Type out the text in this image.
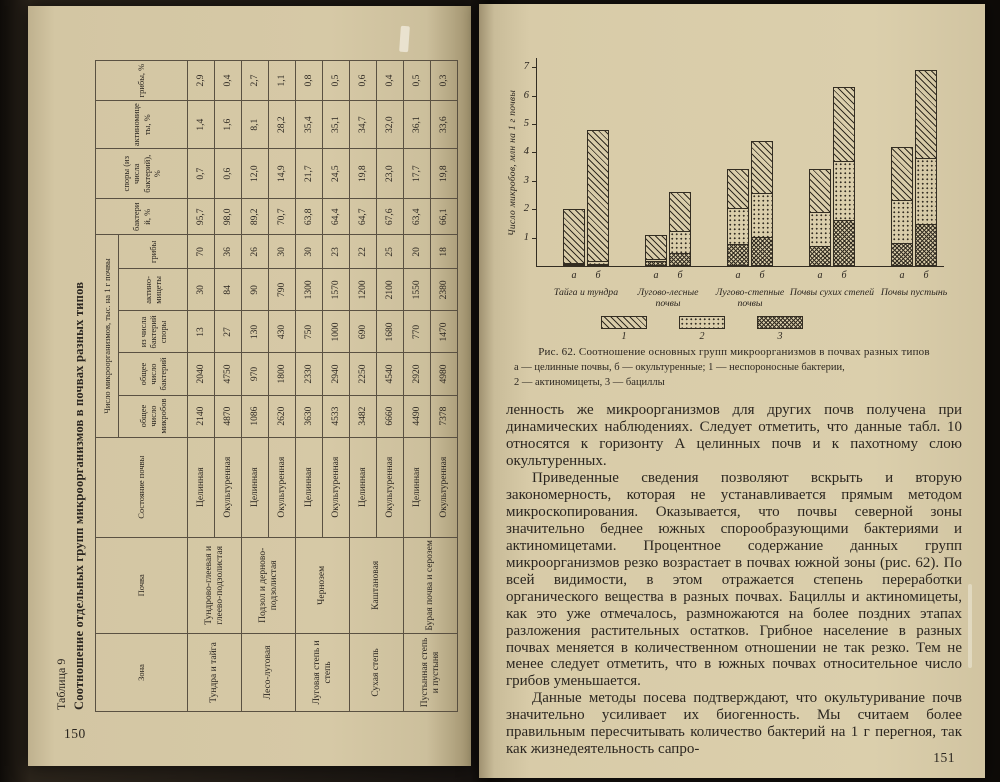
Таблица 9 Соотношение отдельных групп микроорганизмов в почвах разных типов	Зона	Почва	Состояние почвы	Число микроорганизмов, тыс. на 1 г почвы					бактерий, %	споры (из числа бактерий), %	актиномицеты, %	грибы, %
			общее число микробов	общее число бактерий	из числа бактерий споры	актиномицеты	грибы				
Тундра и тайга	Тундрово-глеевая и глеево-подзолистая	Целинная	2140	2040	13	30	70	95,7	0,7	1,4	2,9
		Окультуренная	4870	4750	27	84	36	98,0	0,6	1,6	0,4
Лесо-луговая	Подзол и дерново-подзолистая	Целинная	1086	970	130	90	26	89,2	12,0	8,1	2,7
		Окультуренная	2620	1800	430	790	30	70,7	14,9	28,2	1,1
Луговая степь и степь	Чернозем	Целинная	3630	2330	750	1300	30	63,8	21,7	35,4	0,8
		Окультуренная	4533	2940	1000	1570	23	64,4	24,5	35,1	0,5
Сухая степь	Каштановая	Целинная	3482	2250	690	1200	22	64,7	19,8	34,7	0,6
		Окультуренная	6660	4540	1680	2100	25	67,6	23,0	32,0	0,4
Пустынная степь и пустыня	Бурая почва и серозем	Целинная	4490	2920	770	1550	20	63,4	17,7	36,1	0,5
		Окультуренная	7378	4980	1470	2380	18	66,1	19,8	33,6	0,3
150
Число микробов, млн на 1 г почвы
1	2	3
1
2
3
4
5
6
7
а	б
Тайга и тундра
а	б
Лугово-лесные почвы
а	б
Лугово-степные почвы
а	б
Почвы сухих степей
а	б
Почвы пустынь
Рис. 62. Соотношение основных групп микроорганизмов в почвах разных типов
а — целинные почвы, б — окультуренные; 1 — неспороносные бактерии,
2 — актиномицеты, 3 — бациллы

ленность же микроорганизмов для других почв получена при динамических наблюдениях. Следует отметить, что данные табл. 10 относятся к горизонту А целинных почв и к пахотному слою окультуренных.

Приведенные сведения позволяют вскрыть и вторую закономерность, которая не устанавливается прямым методом микроскопирования. Оказывается, что почвы северной зоны значительно беднее южных спорообразующими бактериями и актиномицетами. Процентное содержание данных групп микроорганизмов резко возрастает в почвах южной зоны (рис. 62). По всей видимости, в этом отражается степень переработки органического вещества в разных почвах. Бациллы и актиномицеты, как это уже отмечалось, размножаются на более поздних этапах разложения растительных остатков. Грибное население в разных почвах меняется в количественном отношении не так резко. Тем не менее следует отметить, что в южных почвах относительное число грибов уменьшается.

Данные методы посева подтверждают, что окультуривание почв значительно усиливает их биогенность. Мы считаем более правильным пересчитывать количество бактерий на 1 г перегноя, так как жизнедеятельность сапро-

151
